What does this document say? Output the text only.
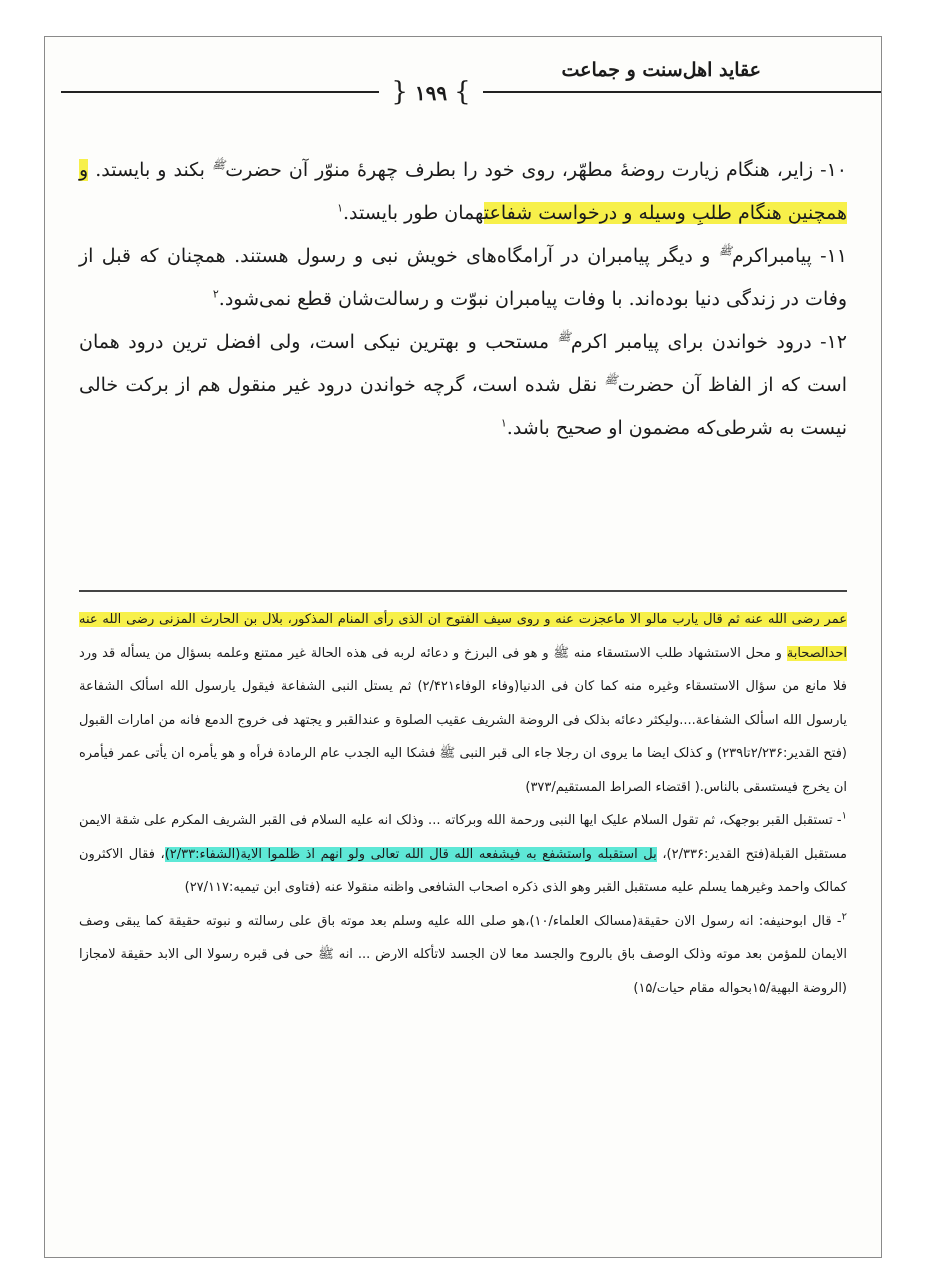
عقاید اهل‌سنت و جماعت
} ۱۹۹ {

۱۰- زایر، هنگام زیارت روضهٔ مطهّر، روی خود را بطرف چهرهٔ منوّر آن حضرت$^ﷺ$ بکند و بایستد. و همچنین هنگام طلبِ وسیله و درخواست شفاعتهمان طور بایستد.$^۱$

۱۱- پیامبراکرم$^ﷺ$ و دیگر پیامبران در آرامگاه‌های خویش نبی و رسول هستند. همچنان که قبل از وفات در زندگی دنیا بوده‌اند. با وفات پیامبران نبوّت و رسالت‌شان قطع نمی‌شود.$^۲$

۱۲- درود خواندن برای پیامبر اکرم$^ﷺ$ مستحب و بهترین نیکی است، ولی افضل ترین درود همان است که از الفاظ آن حضرت$^ﷺ$ نقل شده است، گرچه خواندن درود غیر منقول هم از برکت خالی نیست به شرطی‌که مضمون او صحیح باشد.$^۱$

عمر رضی الله عنه ثم قال یارب مالو الا ماعجزت عنه و روی سیف الفتوح ان الذی رأی المنام المذکور، بلال بن الحارث المزنی رضی الله عنه احدالصحابة و محل الاستشهاد طلب الاستسقاء منه ﷺ و هو فی البرزخ و دعائه لربه فی هذه الحالة غیر ممتنع وعلمه بسؤال من یسأله قد ورد فلا مانع من سؤال الاستسقاء وغیره منه کما کان فی الدنیا(وفاء الوفاء۲/۴۲۱) ثم یستل النبی الشفاعة فیقول یارسول الله اسألک الشفاعة یارسول الله اسألک الشفاعة....ولیکثر دعائه بذلک فی الروضة الشریف عقیب الصلوة و عندالقبر و یجتهد فی خروج الدمع فانه من امارات القبول (فتح القدیر:۲/۲۳۶تا۲۳۹) و کذلک ایضا ما یروی ان رجلا جاء الی قبر النبی ﷺ فشکا الیه الجدب عام الرمادة فرأه و هو یأمره ان یأتی عمر فیأمره ان یخرج فیستسقی بالناس.( اقتضاء الصراط المستقیم/۳۷۳)

$^۱$- تستقبل القبر بوجهک، ثم تقول السلام علیک ایها النبی ورحمة الله وبرکاته ... وذلک انه علیه السلام فی القبر الشریف المکرم علی شقة الایمن مستقبل القبلة(فتح القدیر:۲/۳۳۶)، بل استقبله واستشفع به فیشفعه الله قال الله تعالی ولو انهم اذ ظلموا الایة(الشفاء:۲/۳۳)، فقال الاکثرون کمالک واحمد وغیرهما یسلم علیه مستقبل القبر وهو الذی ذکره اصحاب الشافعی واظنه منقولا عنه (فتاوی ابن تیمیه:۲۷/۱۱۷)

$^۲$- قال ابوحنیفه: انه رسول الان حقیقة(مسالک العلماء/۱۰)،هو صلی الله علیه وسلم بعد موته باق علی رسالته و نبوته حقیقة کما یبقی وصف الایمان للمؤمن بعد موته وذلک الوصف باق بالروح والجسد معا لان الجسد لاتأکله الارض ... انه ﷺ حی فی قبره رسولا الی الابد حقیقة لامجازا (الروضة البهیة/۱۵بحواله مقام حیات/۱۵)
